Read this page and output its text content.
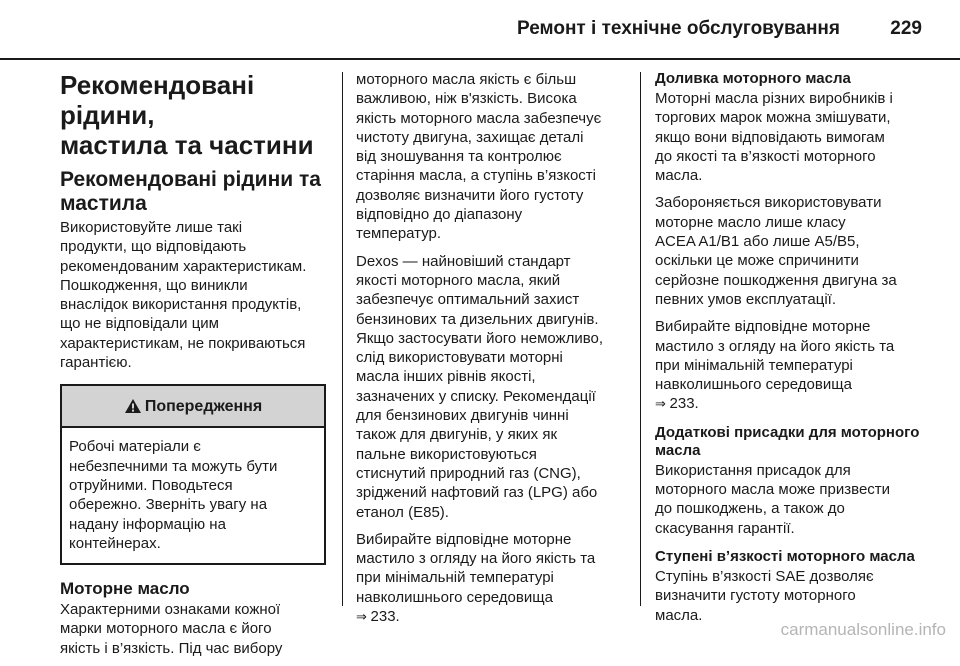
Ремонт і технічне обслуговування	229
Рекомендовані рідини,
мастила та частини
Рекомендовані рідини та
мастила

Використовуйте лише такі
продукти, що відповідають
рекомендованим характеристикам.
Пошкодження, що виникли
внаслідок використання продуктів,
що не відповідали цим
характеристикам, не покриваються
гарантією.

Попередження
Робочі матеріали є
небезпечними та можуть бути
отруйними. Поводьтеся
обережно. Зверніть увагу на
надану інформацію на
контейнерах.
Моторне масло

Характерними ознаками кожної
марки моторного масла є його
якість і в’язкість. Під час вибору

моторного масла якість є більш
важливою, ніж в'язкість. Висока
якість моторного масла забезпечує
чистоту двигуна, захищає деталі
від зношування та контролює
старіння масла, а ступінь в’язкості
дозволяє визначити його густоту
відповідно до діапазону
температур.

Dexos — найновіший стандарт
якості моторного масла, який
забезпечує оптимальний захист
бензинових та дизельних двигунів.
Якщо застосувати його неможливо,
слід використовувати моторні
масла інших рівнів якості,
зазначених у списку. Рекомендації
для бензинових двигунів чинні
також для двигунів, у яких як
пальне використовуються
стиснутий природний газ (CNG),
зріджений нафтовий газ (LPG) або
етанол (E85).

Вибирайте відповідне моторне
мастило з огляду на його якість та
при мінімальній температурі
навколишнього середовища

⇒ 233.

Доливка моторного масла

Моторні масла різних виробників і
торгових марок можна змішувати,
якщо вони відповідають вимогам
до якості та в’язкості моторного
масла.

Забороняється використовувати
моторне масло лише класу
ACEA A1/B1 або лише A5/B5,
оскільки це може спричинити
серйозне пошкодження двигуна за
певних умов експлуатації.

Вибирайте відповідне моторне
мастило з огляду на його якість та
при мінімальній температурі
навколишнього середовища

⇒ 233.

Додаткові присадки для моторного
масла

Використання присадок для
моторного масла може призвести
до пошкоджень, а також до
скасування гарантії.

Ступені в’язкості моторного масла

Ступінь в’язкості SAE дозволяє
визначити густоту моторного
масла.

carmanualsonline.info
